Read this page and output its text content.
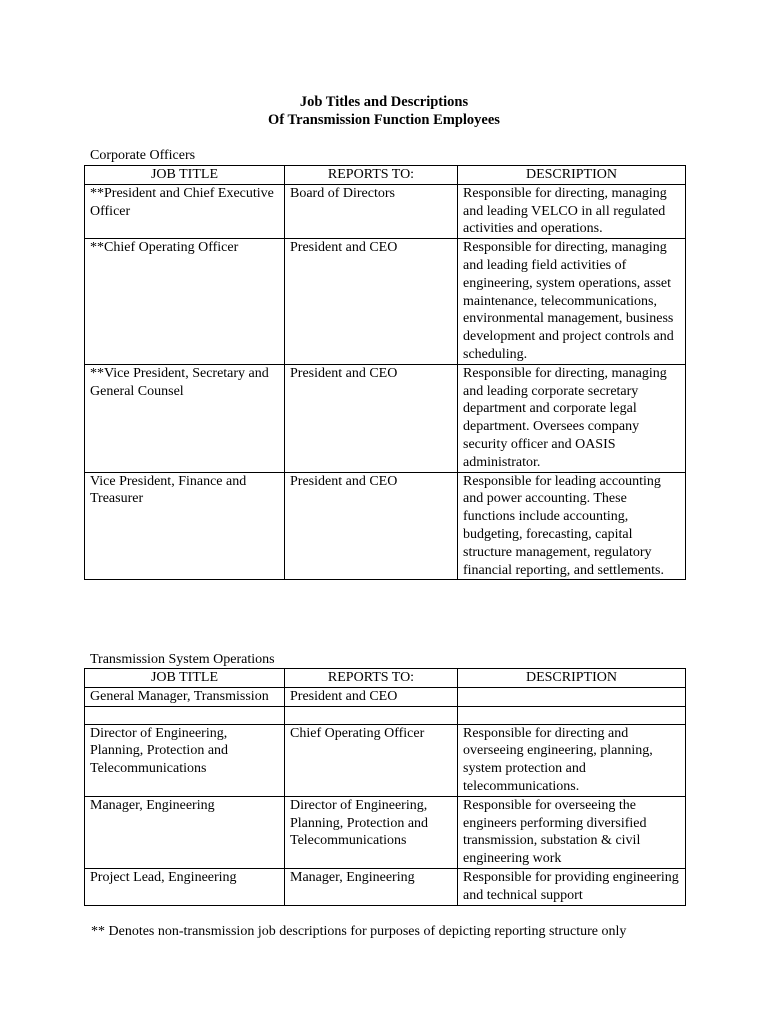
Job Titles and Descriptions
Of Transmission Function Employees
Corporate Officers
JOB TITLE	REPORTS TO:	DESCRIPTION
**President and Chief Executive Officer	Board of Directors	Responsible for directing, managing and leading VELCO in all regulated activities and operations.
**Chief Operating Officer	President and CEO	Responsible for directing, managing and leading field activities of engineering, system operations, asset maintenance, telecommunications, environmental management, business development and project controls and scheduling.
**Vice President, Secretary and General Counsel	President and CEO	Responsible for directing, managing and leading corporate secretary department and corporate legal department. Oversees company security officer and OASIS administrator.
Vice President, Finance and Treasurer	President and CEO	Responsible for leading accounting and power accounting. These functions include accounting, budgeting, forecasting, capital structure management, regulatory financial reporting, and settlements.
Transmission System Operations
JOB TITLE	REPORTS TO:	DESCRIPTION
General Manager, Transmission	President and CEO	

Director of Engineering, Planning, Protection and Telecommunications	Chief Operating Officer	Responsible for directing and overseeing engineering, planning, system protection and telecommunications.
Manager, Engineering	Director of Engineering, Planning, Protection and Telecommunications	Responsible for overseeing the engineers performing diversified transmission, substation & civil engineering work
Project Lead, Engineering	Manager, Engineering	Responsible for providing engineering and technical support
** Denotes non-transmission job descriptions for purposes of depicting reporting structure only
